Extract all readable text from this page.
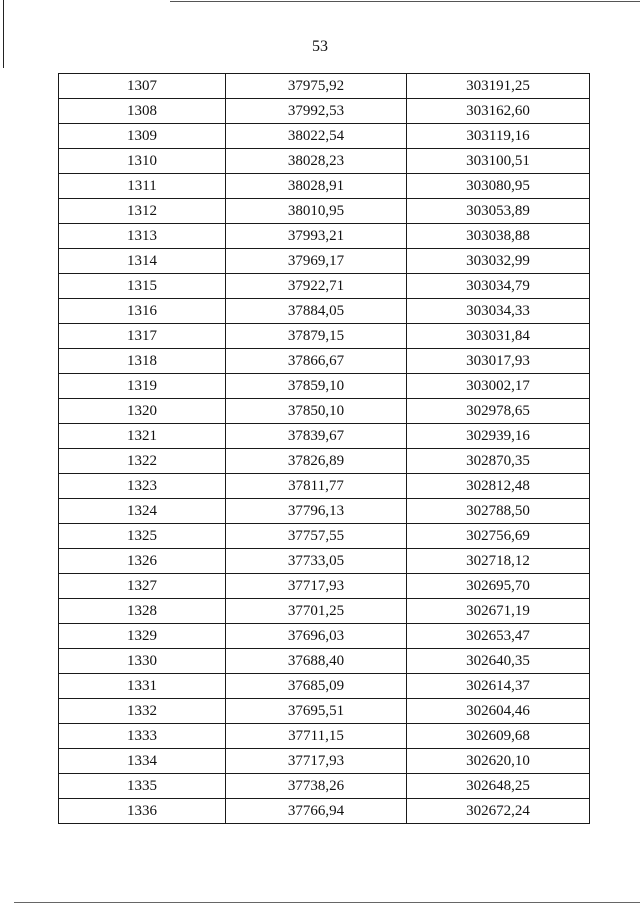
53
1307	37975,92	303191,25
1308	37992,53	303162,60
1309	38022,54	303119,16
1310	38028,23	303100,51
1311	38028,91	303080,95
1312	38010,95	303053,89
1313	37993,21	303038,88
1314	37969,17	303032,99
1315	37922,71	303034,79
1316	37884,05	303034,33
1317	37879,15	303031,84
1318	37866,67	303017,93
1319	37859,10	303002,17
1320	37850,10	302978,65
1321	37839,67	302939,16
1322	37826,89	302870,35
1323	37811,77	302812,48
1324	37796,13	302788,50
1325	37757,55	302756,69
1326	37733,05	302718,12
1327	37717,93	302695,70
1328	37701,25	302671,19
1329	37696,03	302653,47
1330	37688,40	302640,35
1331	37685,09	302614,37
1332	37695,51	302604,46
1333	37711,15	302609,68
1334	37717,93	302620,10
1335	37738,26	302648,25
1336	37766,94	302672,24
